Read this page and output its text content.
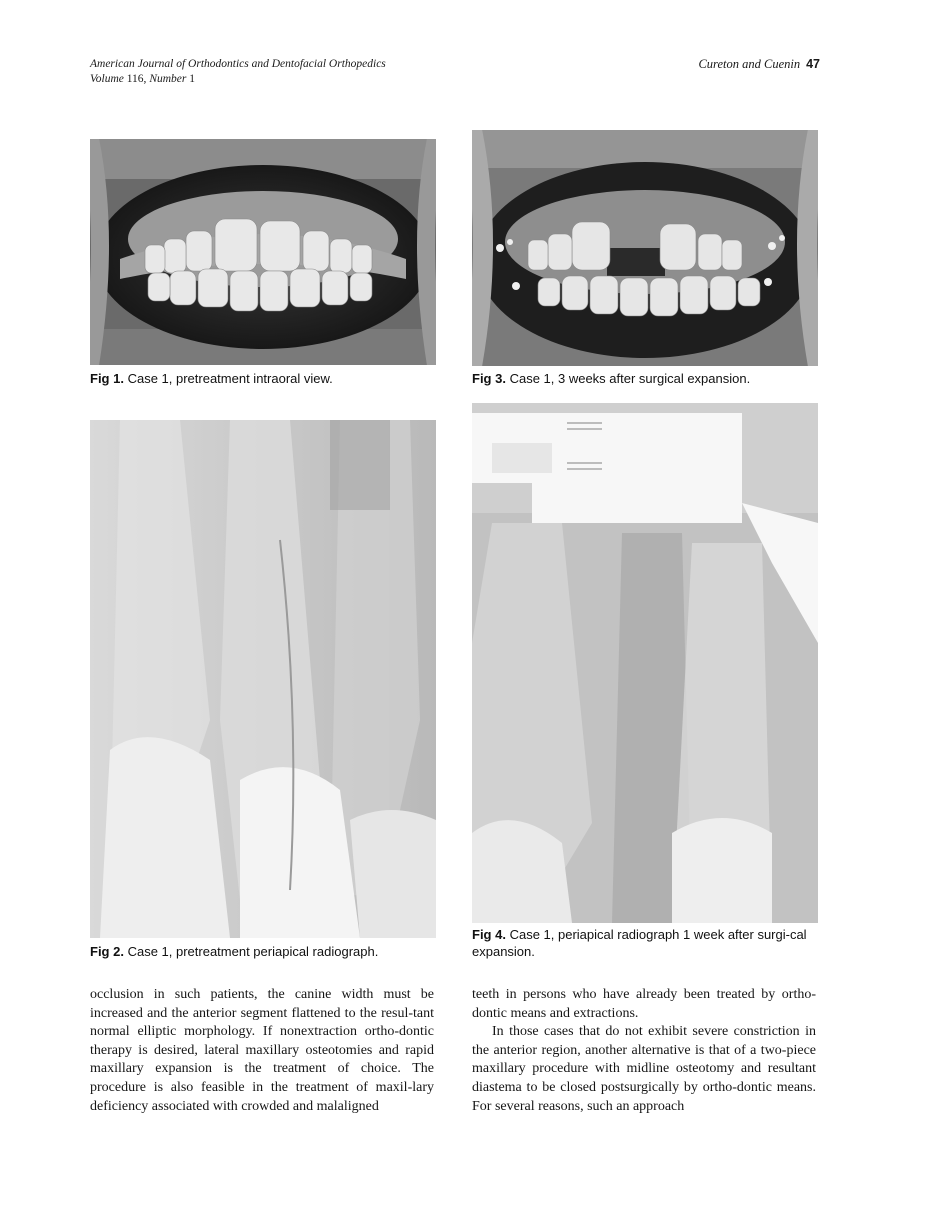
American Journal of Orthodontics and Dentofacial Orthopedics
Volume 116, Number 1
Cureton and Cuenin 47
Fig 1. Case 1, pretreatment intraoral view.	Fig 3. Case 1, 3 weeks after surgical expansion.
Fig 2. Case 1, pretreatment periapical radiograph.
Fig 4. Case 1, periapical radiograph 1 week after surgi-cal expansion.

occlusion in such patients, the canine width must be increased and the anterior segment flattened to the resul-tant normal elliptic morphology. If nonextraction ortho-dontic therapy is desired, lateral maxillary osteotomies and rapid maxillary expansion is the treatment of choice. The procedure is also feasible in the treatment of maxil-lary deficiency associated with crowded and malaligned

teeth in persons who have already been treated by ortho-dontic means and extractions.

In those cases that do not exhibit severe constriction in the anterior region, another alternative is that of a two-piece maxillary procedure with midline osteotomy and resultant diastema to be closed postsurgically by ortho-dontic means. For several reasons, such an approach
